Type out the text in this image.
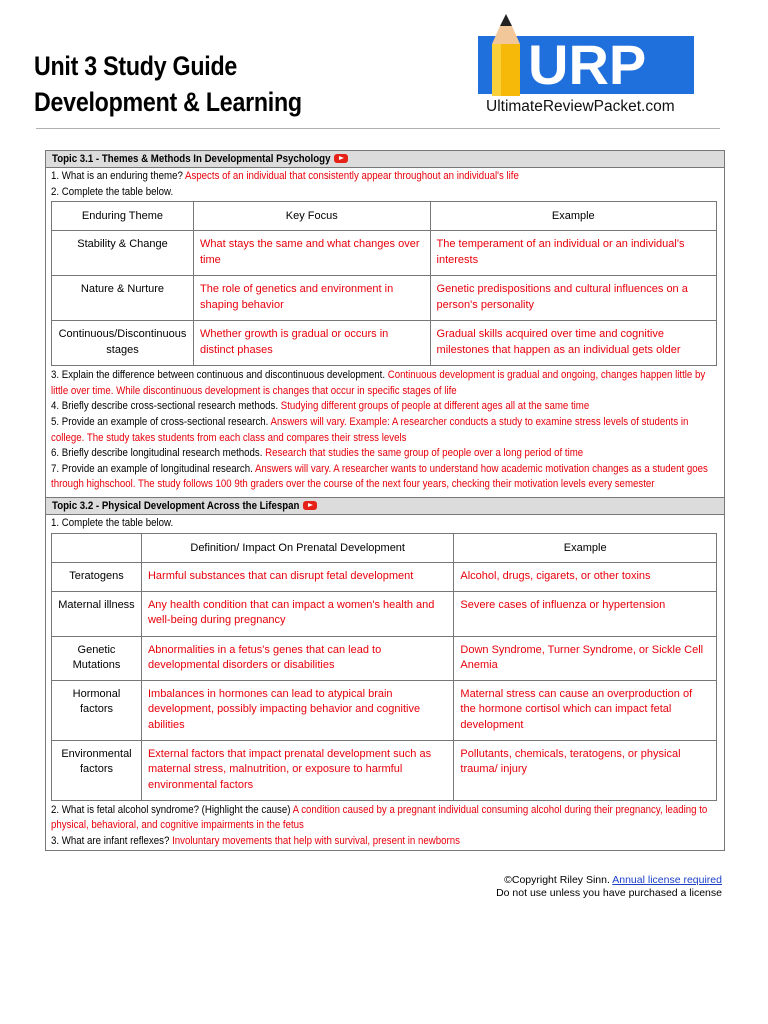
Unit 3 Study Guide
Development & Learning
URP
UltimateReviewPacket.com
Topic 3.1 - Themes & Methods In Developmental Psychology
1. What is an enduring theme? Aspects of an individual that consistently appear throughout an individual's life
2. Complete the table below.
Enduring Theme	Key Focus	Example

Stability & Change	What stays the same and what changes over time	The temperament of an individual or an individual's interests

Nature & Nurture	The role of genetics and environment in shaping behavior	Genetic predispositions and cultural influences on a person's personality

Continuous/Discontinuous stages	Whether growth is gradual or occurs in distinct phases	Gradual skills acquired over time and cognitive milestones that happen as an individual gets older
3. Explain the difference between continuous and discontinuous development. Continuous development is gradual and ongoing, changes happen little by little over time. While discontinuous development is changes that occur in specific stages of life
4. Briefly describe cross-sectional research methods. Studying different groups of people at different ages all at the same time
5. Provide an example of cross-sectional research. Answers will vary. Example: A researcher conducts a study to examine stress levels of students in college. The study takes students from each class and compares their stress levels
6. Briefly describe longitudinal research methods. Research that studies the same group of people over a long period of time
7. Provide an example of longitudinal research. Answers will vary. A researcher wants to understand how academic motivation changes as a student goes through highschool. The study follows 100 9th graders over the course of the next four years, checking their motivation levels every semester
Topic 3.2 - Physical Development Across the Lifespan
1. Complete the table below.

	Definition/ Impact On Prenatal Development	Example

Teratogens	Harmful substances that can disrupt fetal development	Alcohol, drugs, cigarets, or other toxins

Maternal illness	Any health condition that can impact a women's health and well-being during pregnancy	Severe cases of influenza or hypertension

Genetic Mutations	Abnormalities in a fetus's genes that can lead to developmental disorders or disabilities	Down Syndrome, Turner Syndrome, or Sickle Cell Anemia

Hormonal factors	Imbalances in hormones can lead to atypical brain development, possibly impacting behavior and cognitive abilities	Maternal stress can cause an overproduction of the hormone cortisol which can impact fetal development

Environmental factors	External factors that impact prenatal development such as maternal stress, malnutrition, or exposure to harmful environmental factors	Pollutants, chemicals, teratogens, or physical trauma/ injury
2. What is fetal alcohol syndrome? (Highlight the cause) A condition caused by a pregnant individual consuming alcohol during their pregnancy, leading to physical, behavioral, and cognitive impairments in the fetus
3. What are infant reflexes? Involuntary movements that help with survival, present in newborns
©Copyright Riley Sinn. Annual license required
Do not use unless you have purchased a license
